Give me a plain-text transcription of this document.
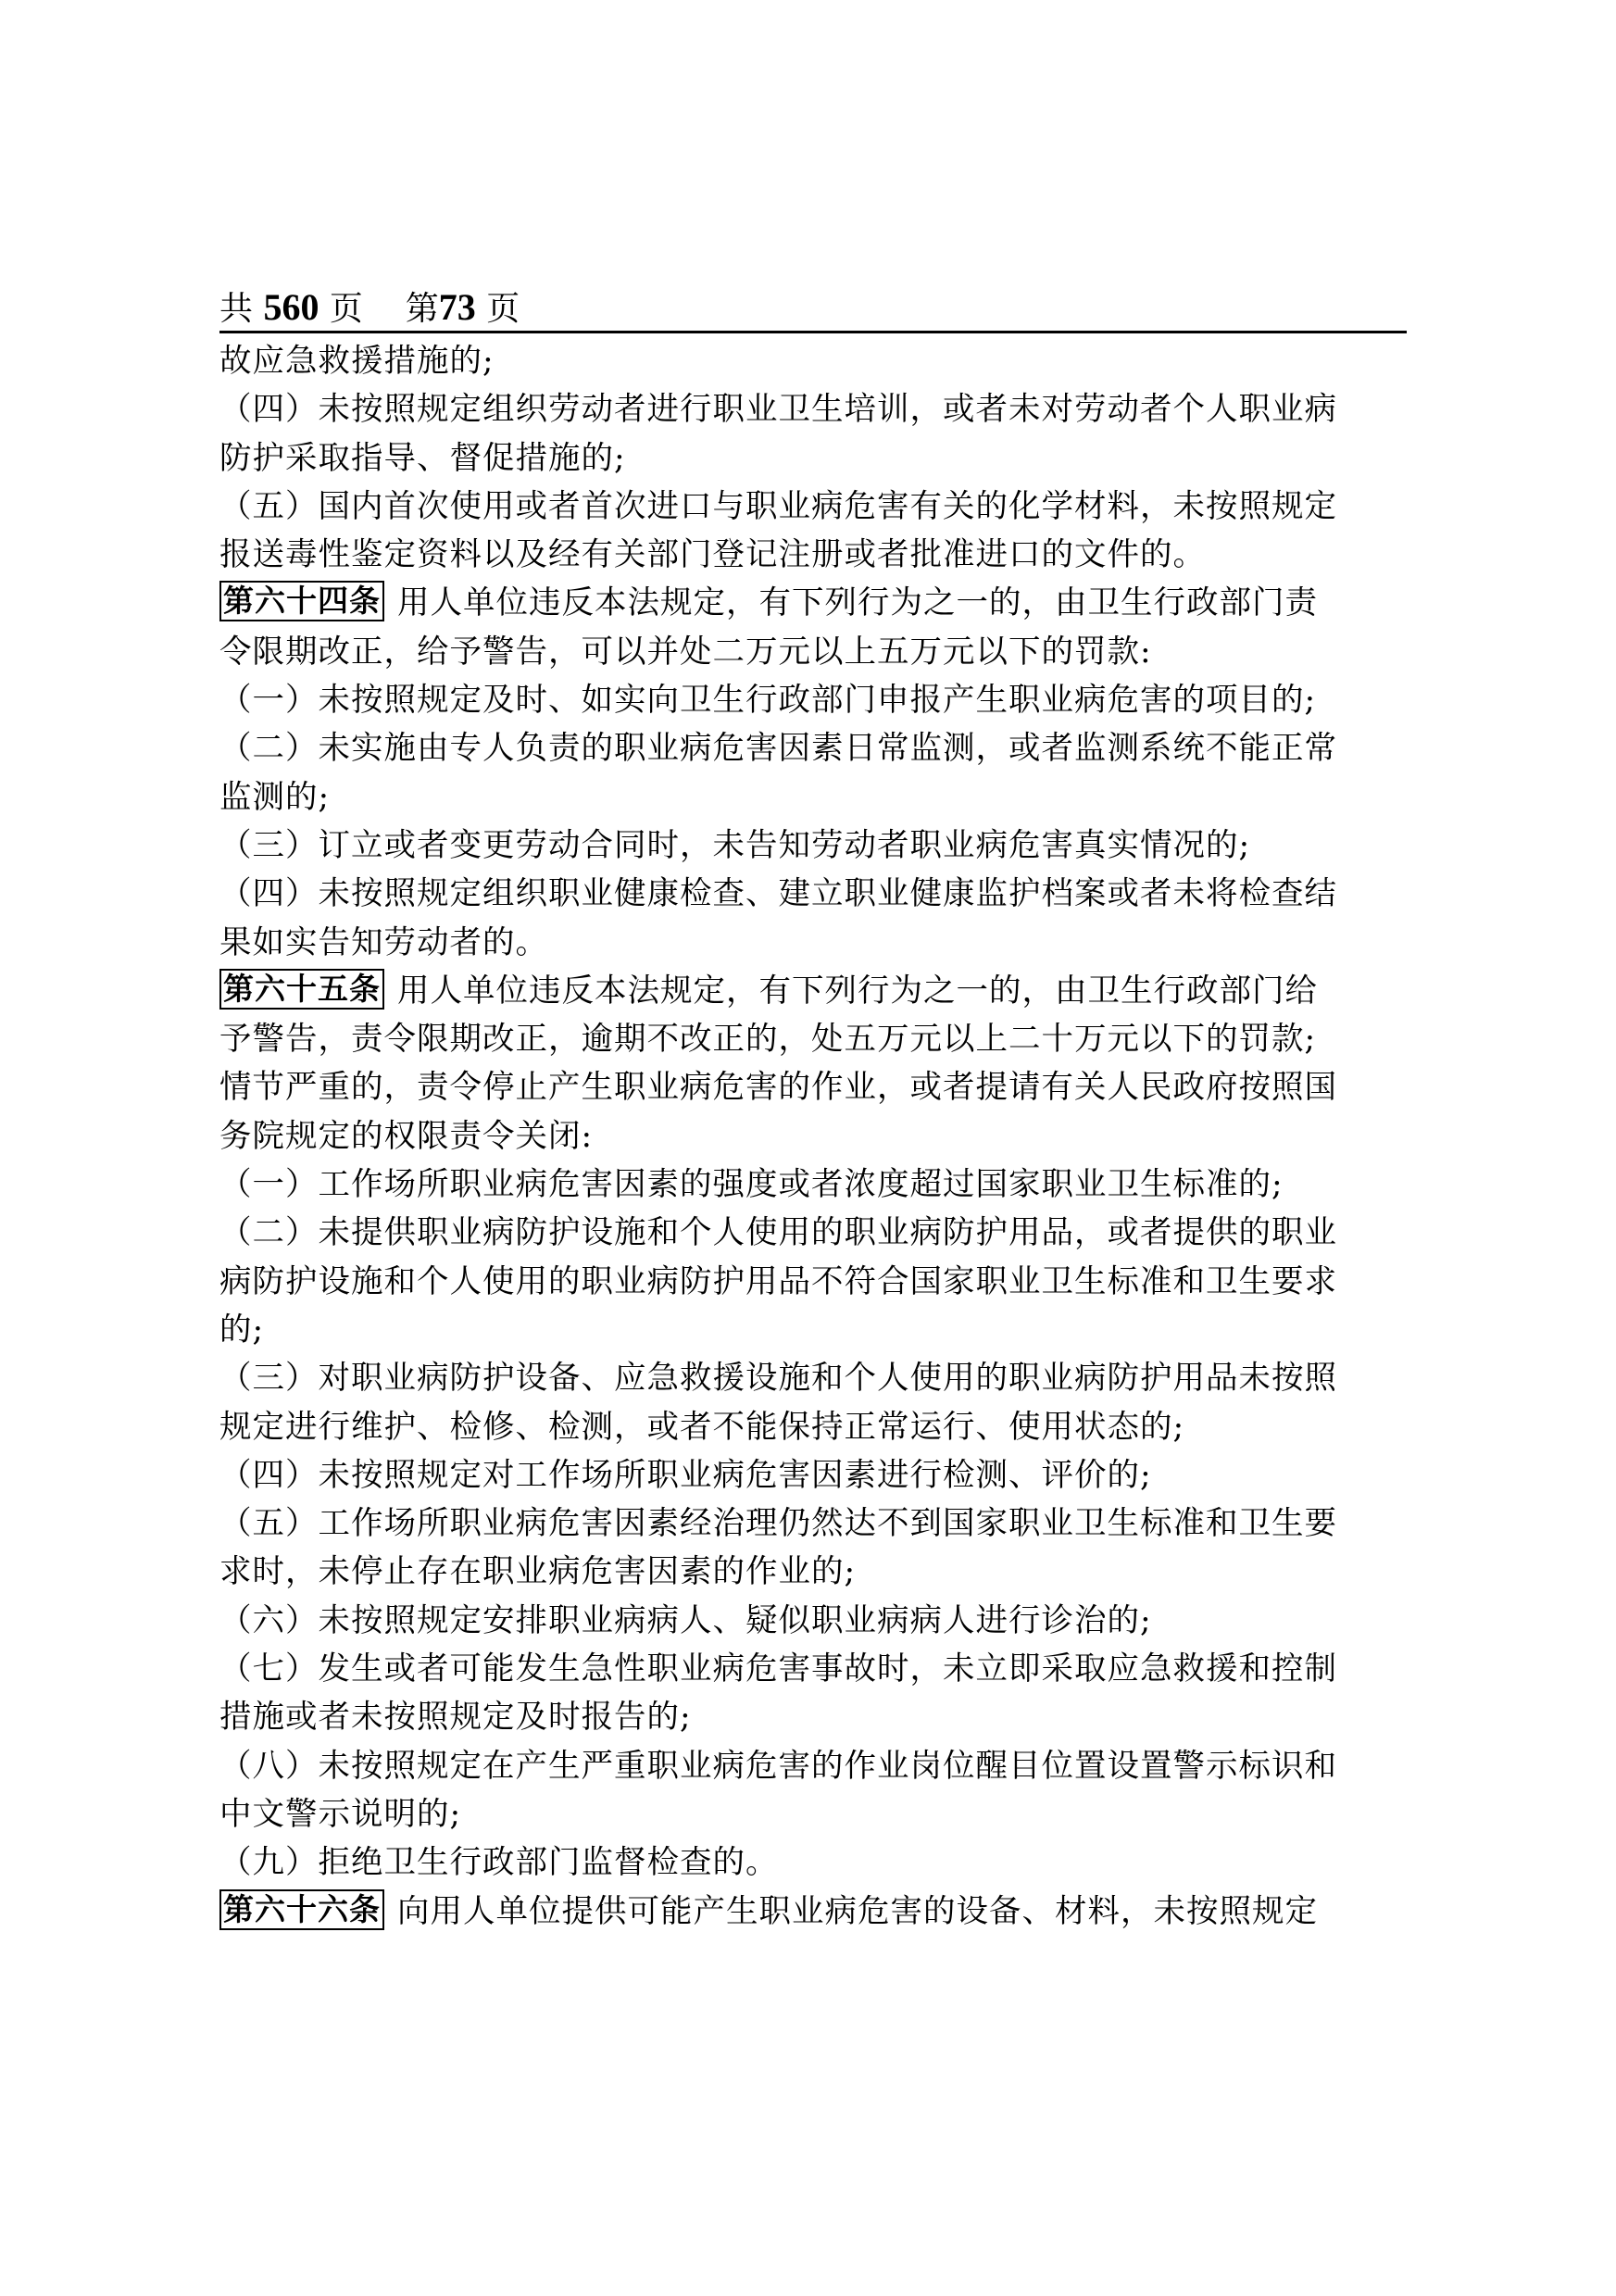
共 560 页 第73 页
故应急救援措施的;
（四）未按照规定组织劳动者进行职业卫生培训，或者未对劳动者个人职业病
防护采取指导、督促措施的;
（五）国内首次使用或者首次进口与职业病危害有关的化学材料，未按照规定
报送毒性鉴定资料以及经有关部门登记注册或者批准进口的文件的。
第六十四条 用人单位违反本法规定，有下列行为之一的，由卫生行政部门责
令限期改正，给予警告，可以并处二万元以上五万元以下的罚款:
（一）未按照规定及时、如实向卫生行政部门申报产生职业病危害的项目的;
（二）未实施由专人负责的职业病危害因素日常监测，或者监测系统不能正常
监测的;
（三）订立或者变更劳动合同时，未告知劳动者职业病危害真实情况的;
（四）未按照规定组织职业健康检查、建立职业健康监护档案或者未将检查结
果如实告知劳动者的。
第六十五条 用人单位违反本法规定，有下列行为之一的，由卫生行政部门给
予警告，责令限期改正，逾期不改正的，处五万元以上二十万元以下的罚款;
情节严重的，责令停止产生职业病危害的作业，或者提请有关人民政府按照国
务院规定的权限责令关闭:
（一）工作场所职业病危害因素的强度或者浓度超过国家职业卫生标准的;
（二）未提供职业病防护设施和个人使用的职业病防护用品，或者提供的职业
病防护设施和个人使用的职业病防护用品不符合国家职业卫生标准和卫生要求
的;
（三）对职业病防护设备、应急救援设施和个人使用的职业病防护用品未按照
规定进行维护、检修、检测，或者不能保持正常运行、使用状态的;
（四）未按照规定对工作场所职业病危害因素进行检测、评价的;
（五）工作场所职业病危害因素经治理仍然达不到国家职业卫生标准和卫生要
求时，未停止存在职业病危害因素的作业的;
（六）未按照规定安排职业病病人、疑似职业病病人进行诊治的;
（七）发生或者可能发生急性职业病危害事故时，未立即采取应急救援和控制
措施或者未按照规定及时报告的;
（八）未按照规定在产生严重职业病危害的作业岗位醒目位置设置警示标识和
中文警示说明的;
（九）拒绝卫生行政部门监督检查的。
第六十六条 向用人单位提供可能产生职业病危害的设备、材料，未按照规定
